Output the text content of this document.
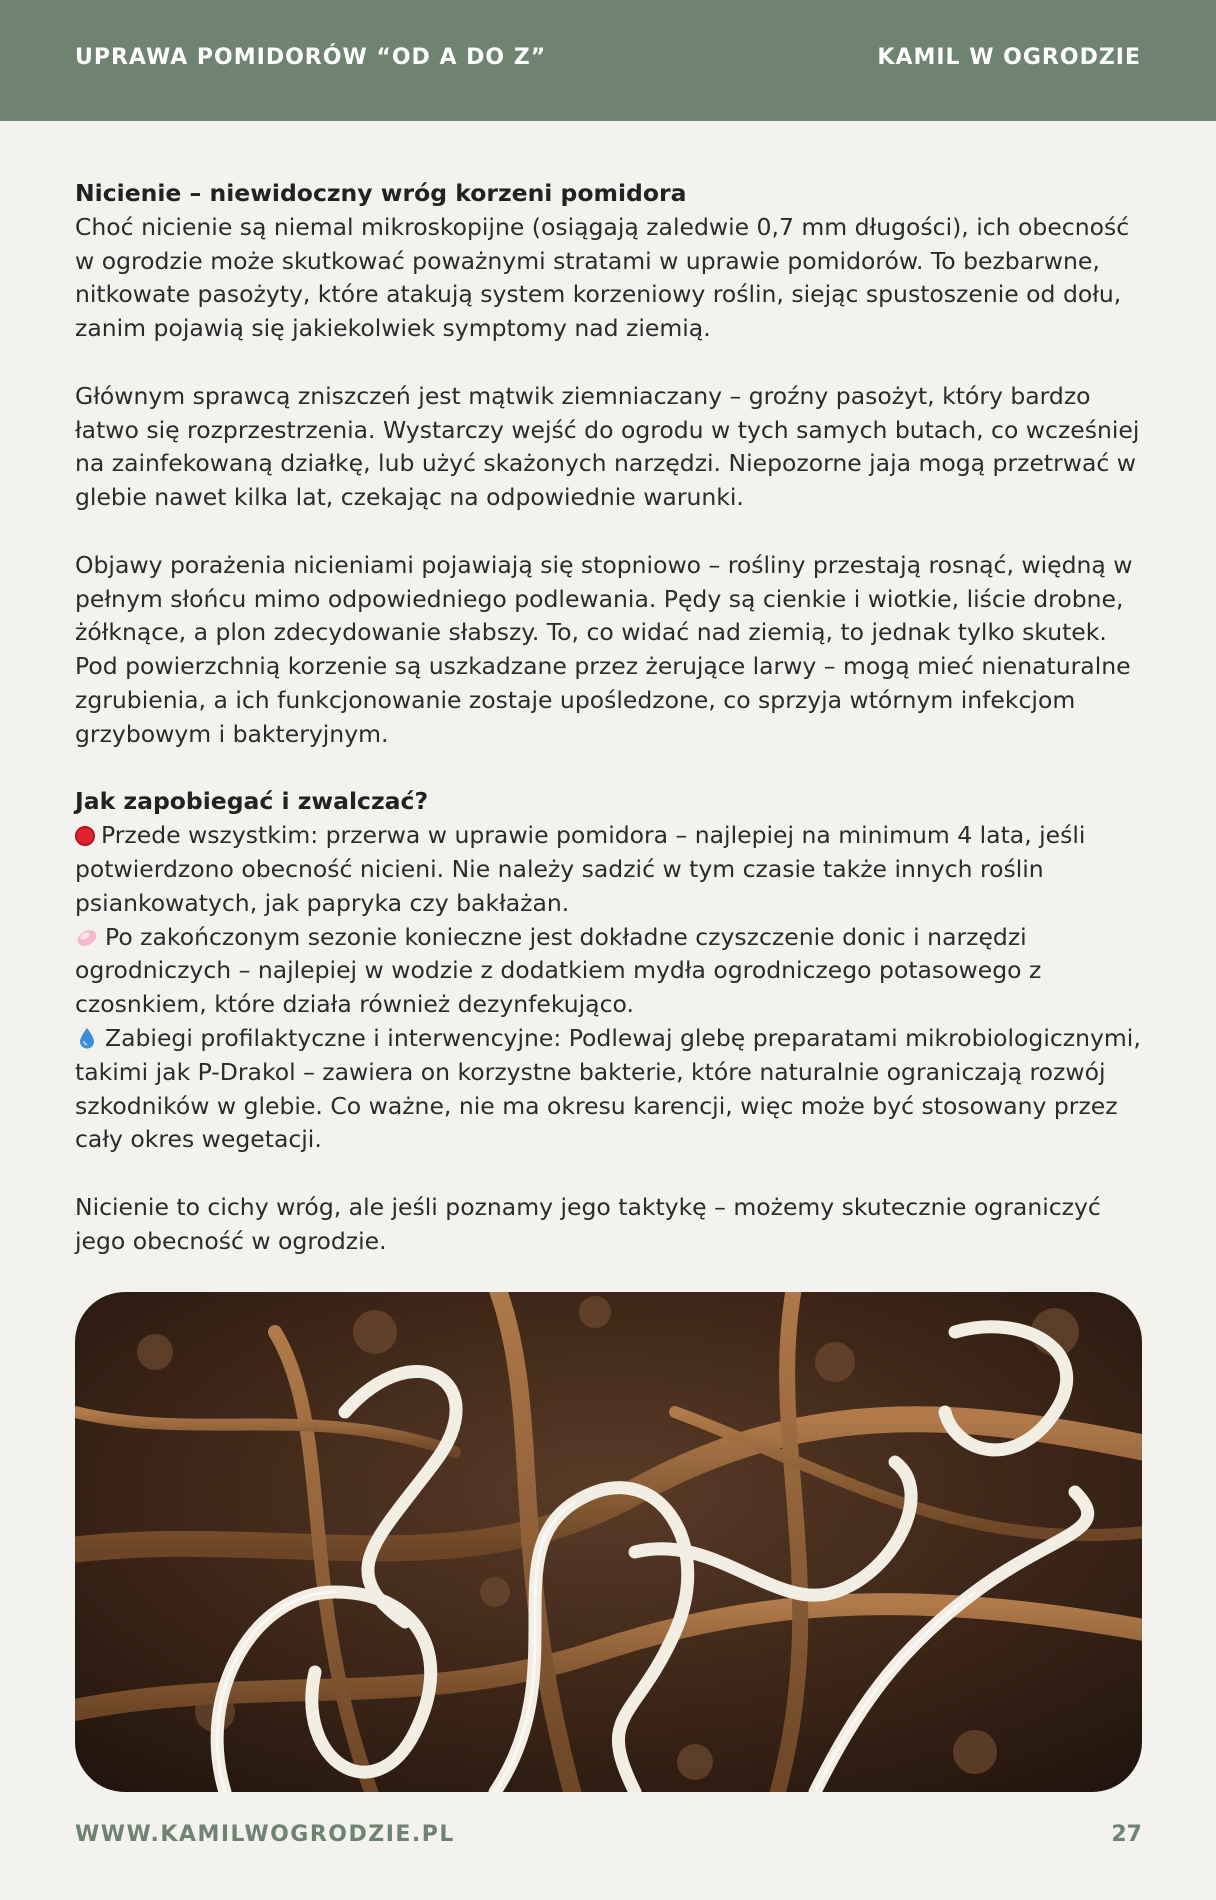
UPRAWA POMIDORÓW “OD A DO Z”	KAMIL W OGRODZIE
Nicienie – niewidoczny wróg korzeni pomidora

Choć nicienie są niemal mikroskopijne (osiągają zaledwie 0,7 mm długości), ich obecność w ogrodzie może skutkować poważnymi stratami w uprawie pomidorów. To bezbarwne, nitkowate pasożyty, które atakują system korzeniowy roślin, siejąc spustoszenie od dołu, zanim pojawią się jakiekolwiek symptomy nad ziemią.

Głównym sprawcą zniszczeń jest mątwik ziemniaczany – groźny pasożyt, który bardzo łatwo się rozprzestrzenia. Wystarczy wejść do ogrodu w tych samych butach, co wcześniej na zainfekowaną działkę, lub użyć skażonych narzędzi. Niepozorne jaja mogą przetrwać w glebie nawet kilka lat, czekając na odpowiednie warunki.

Objawy porażenia nicieniami pojawiają się stopniowo – rośliny przestają rosnąć, więdną w pełnym słońcu mimo odpowiedniego podlewania. Pędy są cienkie i wiotkie, liście drobne, żółknące, a plon zdecydowanie słabszy. To, co widać nad ziemią, to jednak tylko skutek. Pod powierzchnią korzenie są uszkadzane przez żerujące larwy – mogą mieć nienaturalne zgrubienia, a ich funkcjonowanie zostaje upośledzone, co sprzyja wtórnym infekcjom grzybowym i bakteryjnym.

Jak zapobiegać i zwalczać?
Przede wszystkim: przerwa w uprawie pomidora – najlepiej na minimum 4 lata, jeśli potwierdzono obecność nicieni. Nie należy sadzić w tym czasie także innych roślin psiankowatych, jak papryka czy bakłażan.
Po zakończonym sezonie konieczne jest dokładne czyszczenie donic i narzędzi ogrodniczych – najlepiej w wodzie z dodatkiem mydła ogrodniczego potasowego z czosnkiem, które działa również dezynfekująco.
Zabiegi profilaktyczne i interwencyjne: Podlewaj glebę preparatami mikrobiologicznymi, takimi jak P-Drakol – zawiera on korzystne bakterie, które naturalnie ograniczają rozwój szkodników w glebie. Co ważne, nie ma okresu karencji, więc może być stosowany przez cały okres wegetacji.

Nicienie to cichy wróg, ale jeśli poznamy jego taktykę – możemy skutecznie ograniczyć jego obecność w ogrodzie.

WWW.KAMILWOGRODZIE.PL	27
